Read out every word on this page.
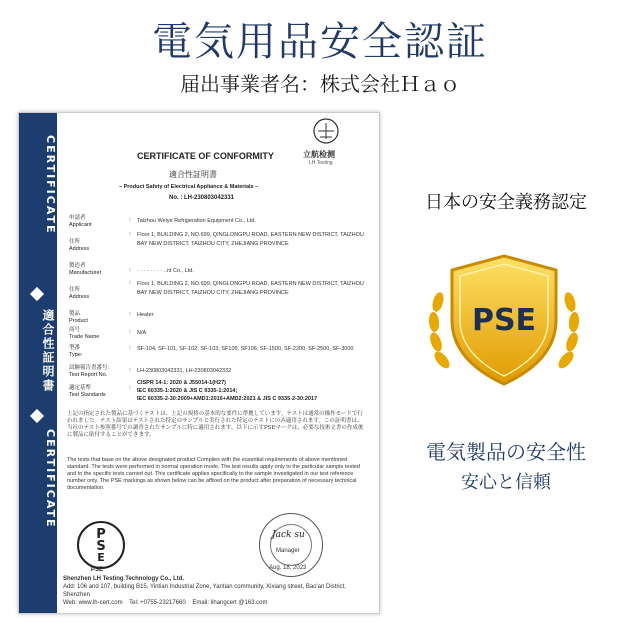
電気用品安全認証
届出事業者名：株式会社Ｈａｏ
CERTIFICATE
適合性証明書
CERTIFICATE
CERTIFICATE OF CONFORMITY	立航检测
LH Testing
適合性証明書
– Product Safety of Electrical Appliance & Materials –
No. : LH-230803042331
申請者
Applicant
: Taizhou Weiye Refrigeration Equipment Co., Ltd.
住所
Address
: Floor 1, BUILDING 2, NO.699, QINGLONGPU ROAD, EASTERN NEW DISTRICT, TAIZHOU BAY NEW DISTRICT, TAIZHOU CITY, ZHEJIANG PROVINCE
製造者
Manufacturer	: · · · · · · · · ..nt Co., Ltd.
住所
Address
: Floor 1, BUILDING 2, NO.699, QINGLONGPU ROAD, EASTERN NEW DISTRICT, TAIZHOU BAY NEW DISTRICT, TAIZHOU CITY, ZHEJIANG PROVINCE
製品
Product
: Heater
商号
Trade Name
: N/A
型番
Type:
: SF-104, SF-101, SF-102, SF-103, SF105, SF106, SF-1500, SF-2200, SF-2500, SF-3000
試験報告書番号:
Test Report No.
: LH-230803042331, LH-230803042332
適定基準
Test Standards
:
CISPR 14-1: 2020 & J55014-1(H27)
IEC 60335-1:2020 & JIS C 9335-1:2014;
IEC 60335-2-30:2009+AMD1:2016+AMD2:2021 & JIS C 9335-2-30:2017
上記の指定された製品に基づくテストは、上記の規格の基本的な要件に準拠しています。テストは通常の操作モードで行われました。テスト結果はテストされた特定のサンプルと実行された特定のテストにのみ適用されます。この証明書は、当社のテスト参照番号での調査されたサンプルに特に適用されます。以下に示すPSEマークは、必要な技術文書の作成後に製品に貼付することができます。
The tests that base on the above designated product Complies with the essential requirements of above mentioned standard. The tests were performed in normal operation mode. The test results apply only to the particular sample tested and to the specific tests carried out. This certificate applies specifically to the sample investigated in our test reference number only. The PSE markings as shown below can be affixed on the product after preparation of necessary technical documentation.
P
S
E
PSE
Jack su
Manager
Aug. 18, 2023
Shenzhen LH Testing Technology Co., Ltd.
Add: 106 and 107, building B15, Yintian Industrial Zone, Yantian community, Xixiang street, Bao'an District, Shenzhen
Web: www.lh-cert.com Tel: +0755-23217660 Email: lihangcert @163.com
日本の安全義務認定
PSE
電気製品の安全性
安心と信頼
